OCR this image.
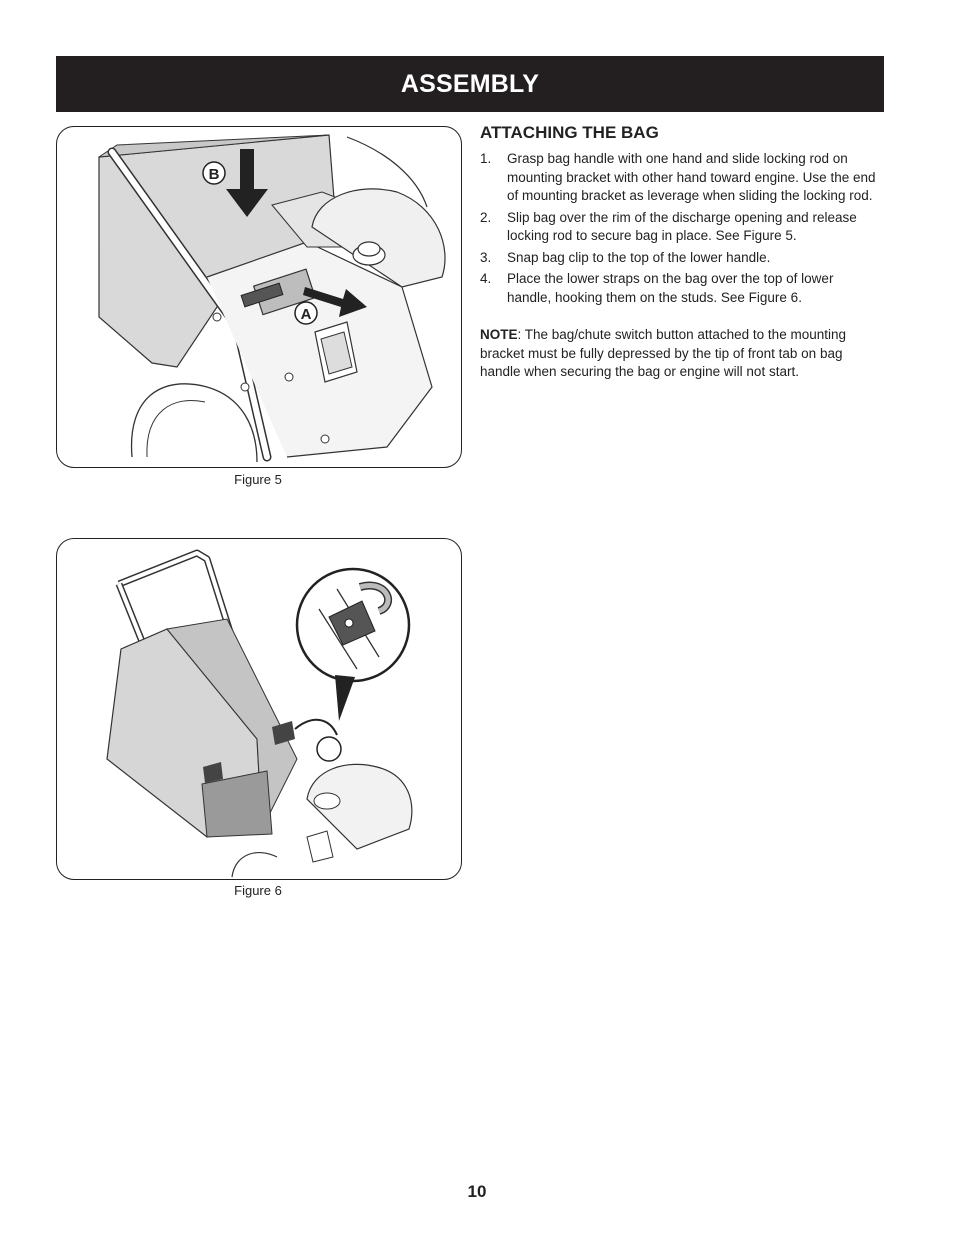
ASSEMBLY
B
A
Figure 5
Figure 6
ATTACHING THE BAG
1.	Grasp bag handle with one hand and slide locking rod on mounting bracket with other hand toward engine. Use the end of mounting bracket as leverage when sliding the locking rod.
2.	Slip bag over the rim of the discharge opening and release locking rod to secure bag in place. See Figure 5.
3.	Snap bag clip to the top of the lower handle.
4.	Place the lower straps on the bag over the top of lower handle, hooking them on the studs. See Figure 6.
NOTE: The bag/chute switch button attached to the mounting bracket must be fully depressed by the tip of front tab on bag handle when securing the bag or engine will not start.
10
